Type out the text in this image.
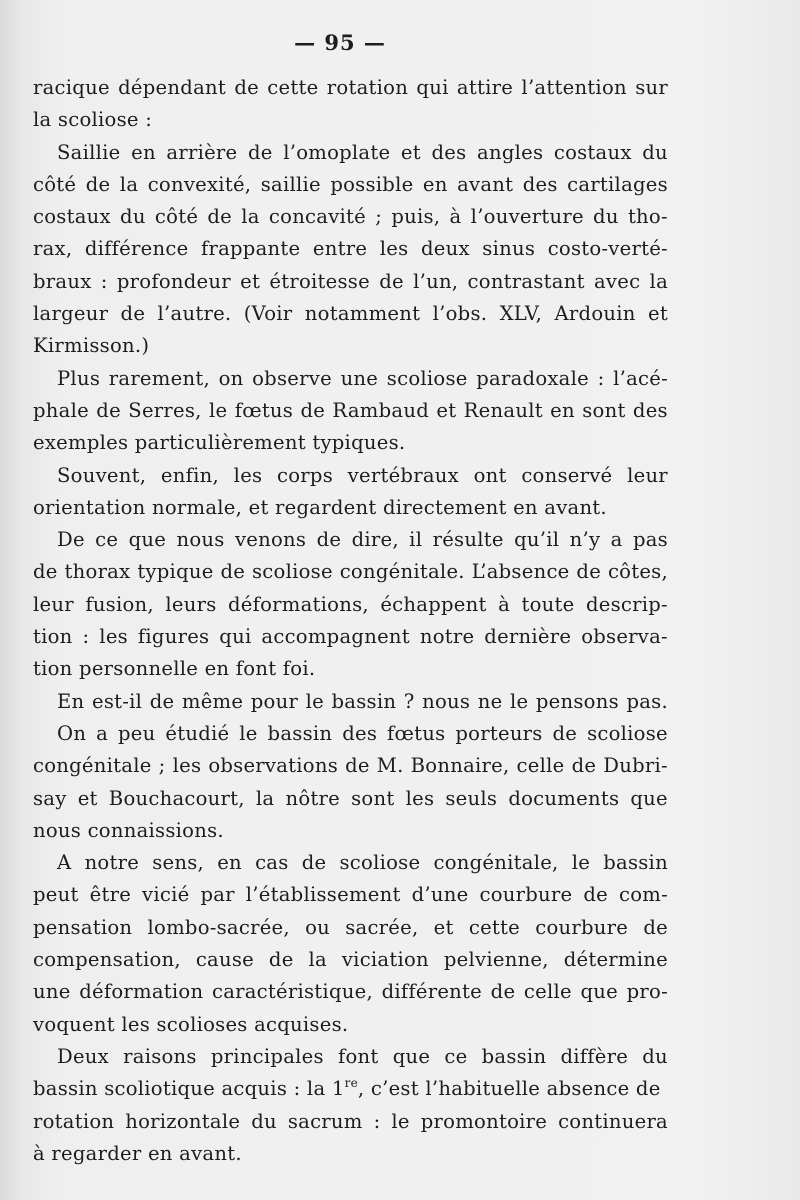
— 95 —
racique dépendant de cette rotation qui attire l’attention sur
la scoliose :
Saillie en arrière de l’omoplate et des angles costaux du
côté de la convexité, saillie possible en avant des cartilages
costaux du côté de la concavité ; puis, à l’ouverture du tho-
rax, différence frappante entre les deux sinus costo-verté-
braux : profondeur et étroitesse de l’un, contrastant avec la
largeur de l’autre. (Voir notamment l’obs. XLV, Ardouin et
Kirmisson.)
Plus rarement, on observe une scoliose paradoxale : l’acé-
phale de Serres, le fœtus de Rambaud et Renault en sont des
exemples particulièrement typiques.
Souvent, enfin, les corps vertébraux ont conservé leur
orientation normale, et regardent directement en avant.
De ce que nous venons de dire, il résulte qu’il n’y a pas
de thorax typique de scoliose congénitale. L’absence de côtes,
leur fusion, leurs déformations, échappent à toute descrip-
tion : les figures qui accompagnent notre dernière observa-
tion personnelle en font foi.
En est-il de même pour le bassin ? nous ne le pensons pas.
On a peu étudié le bassin des fœtus porteurs de scoliose
congénitale ; les observations de M. Bonnaire, celle de Dubri-
say et Bouchacourt, la nôtre sont les seuls documents que
nous connaissions.
A notre sens, en cas de scoliose congénitale, le bassin
peut être vicié par l’établissement d’une courbure de com-
pensation lombo-sacrée, ou sacrée, et cette courbure de
compensation, cause de la viciation pelvienne, détermine
une déformation caractéristique, différente de celle que pro-
voquent les scolioses acquises.
Deux raisons principales font que ce bassin diffère du
bassin scoliotique acquis : la 1re, c’est l’habituelle absence de
rotation horizontale du sacrum : le promontoire continuera
à regarder en avant.
